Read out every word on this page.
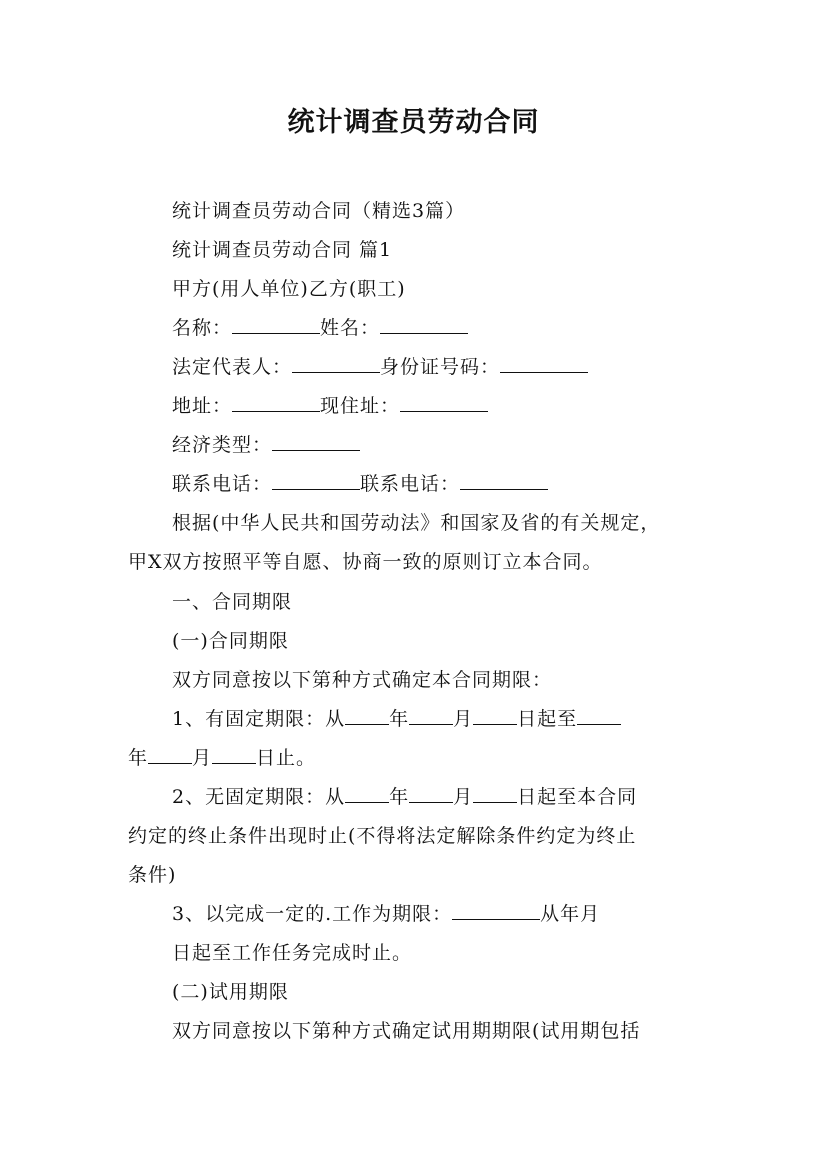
统计调查员劳动合同
统计调查员劳动合同（精选3篇）
统计调查员劳动合同 篇1
甲方(用人单位)乙方(职工)
名称：	姓名：
法定代表人：	身份证号码：
地址：	现住址：
经济类型：
联系电话：	联系电话：
根据(中华人民共和国劳动法》和国家及省的有关规定，
甲X双方按照平等自愿、协商一致的原则订立本合同。
一、合同期限
(一)合同期限
双方同意按以下第种方式确定本合同期限：
1、有固定期限：从 年 月 日起至
年 月 日止。
2、无固定期限：从 年 月 日起至本合同
约定的终止条件出现时止(不得将法定解除条件约定为终止
条件)
3、以完成一定的.工作为期限：	从年月
日起至工作任务完成时止。
(二)试用期限
双方同意按以下第种方式确定试用期期限(试用期包括
